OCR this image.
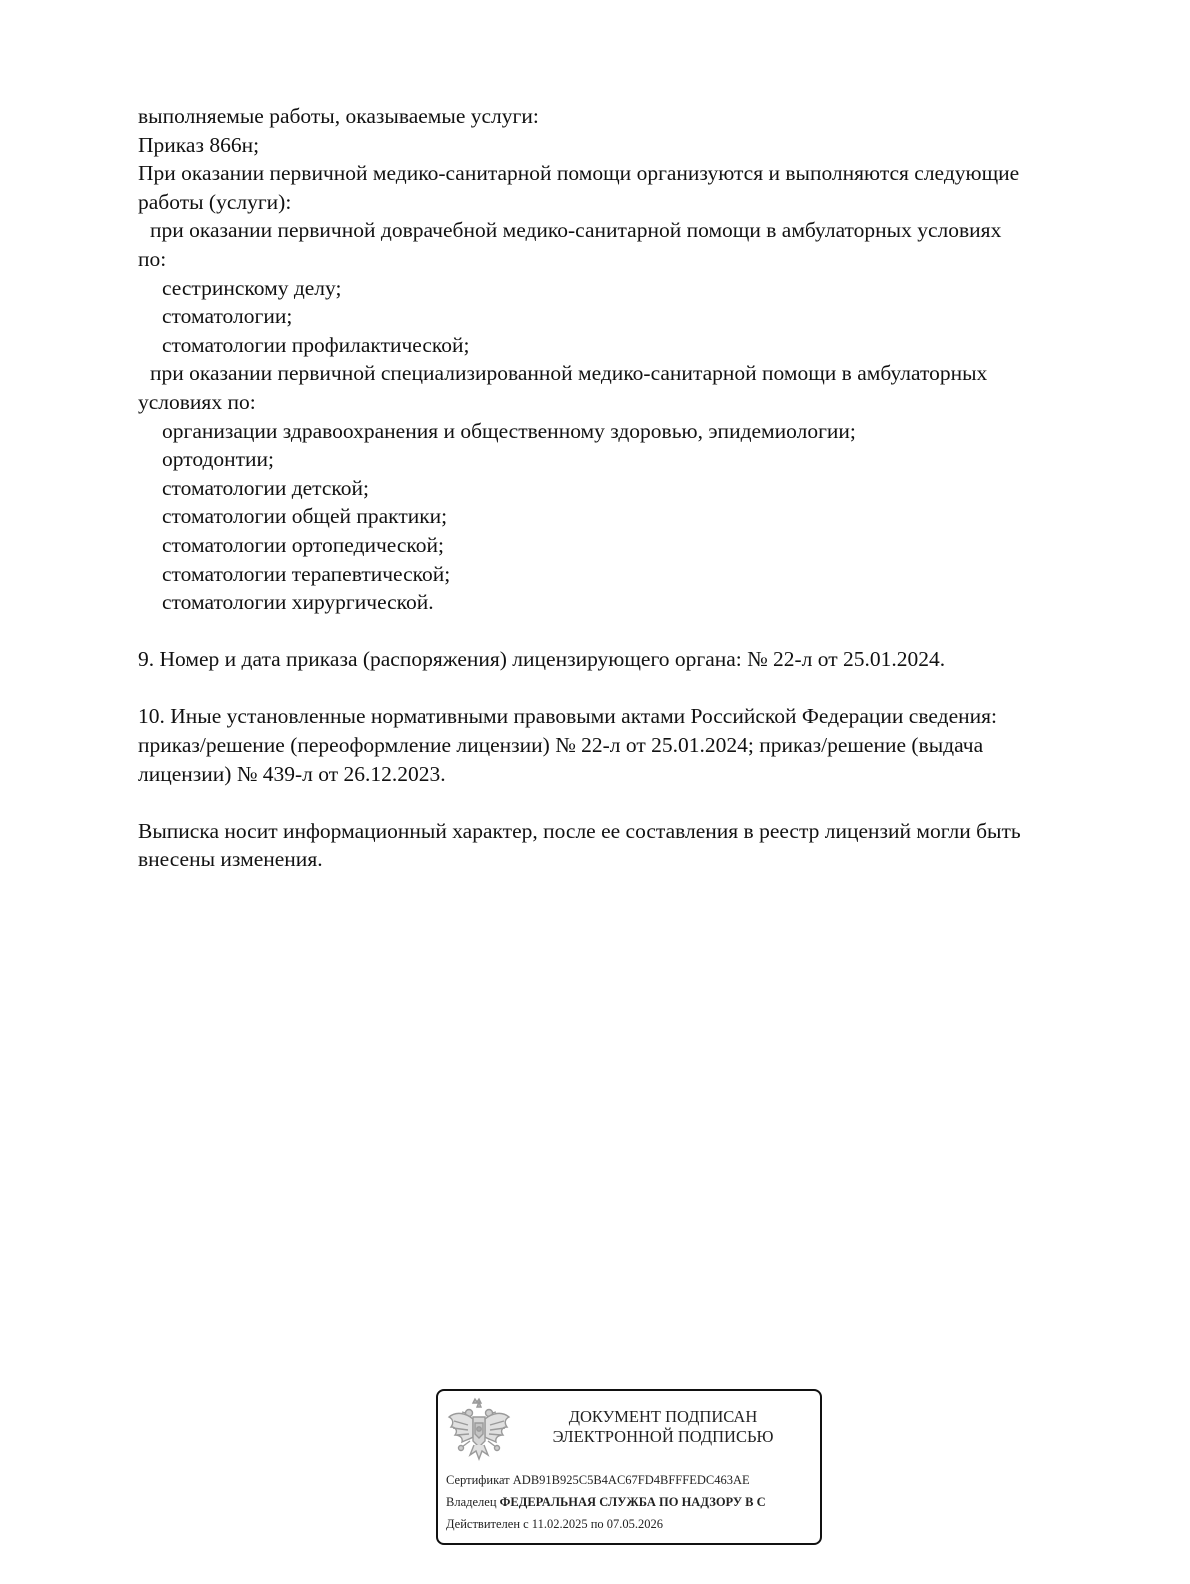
выполняемые работы, оказываемые услуги:
Приказ 866н;
При оказании первичной медико-санитарной помощи организуются и выполняются следующие
работы (услуги):
при оказании первичной доврачебной медико-санитарной помощи в амбулаторных условиях
по:
сестринскому делу;
стоматологии;
стоматологии профилактической;
при оказании первичной специализированной медико-санитарной помощи в амбулаторных
условиях по:
организации здравоохранения и общественному здоровью, эпидемиологии;
ортодонтии;
стоматологии детской;
стоматологии общей практики;
стоматологии ортопедической;
стоматологии терапевтической;
стоматологии хирургической.
9. Номер и дата приказа (распоряжения) лицензирующего органа: № 22-л от 25.01.2024.
10. Иные установленные нормативными правовыми актами Российской Федерации сведения:
приказ/решение (переоформление лицензии) № 22-л от 25.01.2024; приказ/решение (выдача
лицензии) № 439-л от 26.12.2023.
Выписка носит информационный характер, после ее составления в реестр лицензий могли быть
внесены изменения.
ДОКУМЕНТ ПОДПИСАН
ЭЛЕКТРОННОЙ ПОДПИСЬЮ
Сертификат ADB91B925C5B4AC67FD4BFFFEDC463AE
Владелец ФЕДЕРАЛЬНАЯ СЛУЖБА ПО НАДЗОРУ В С
Действителен с 11.02.2025 по 07.05.2026
